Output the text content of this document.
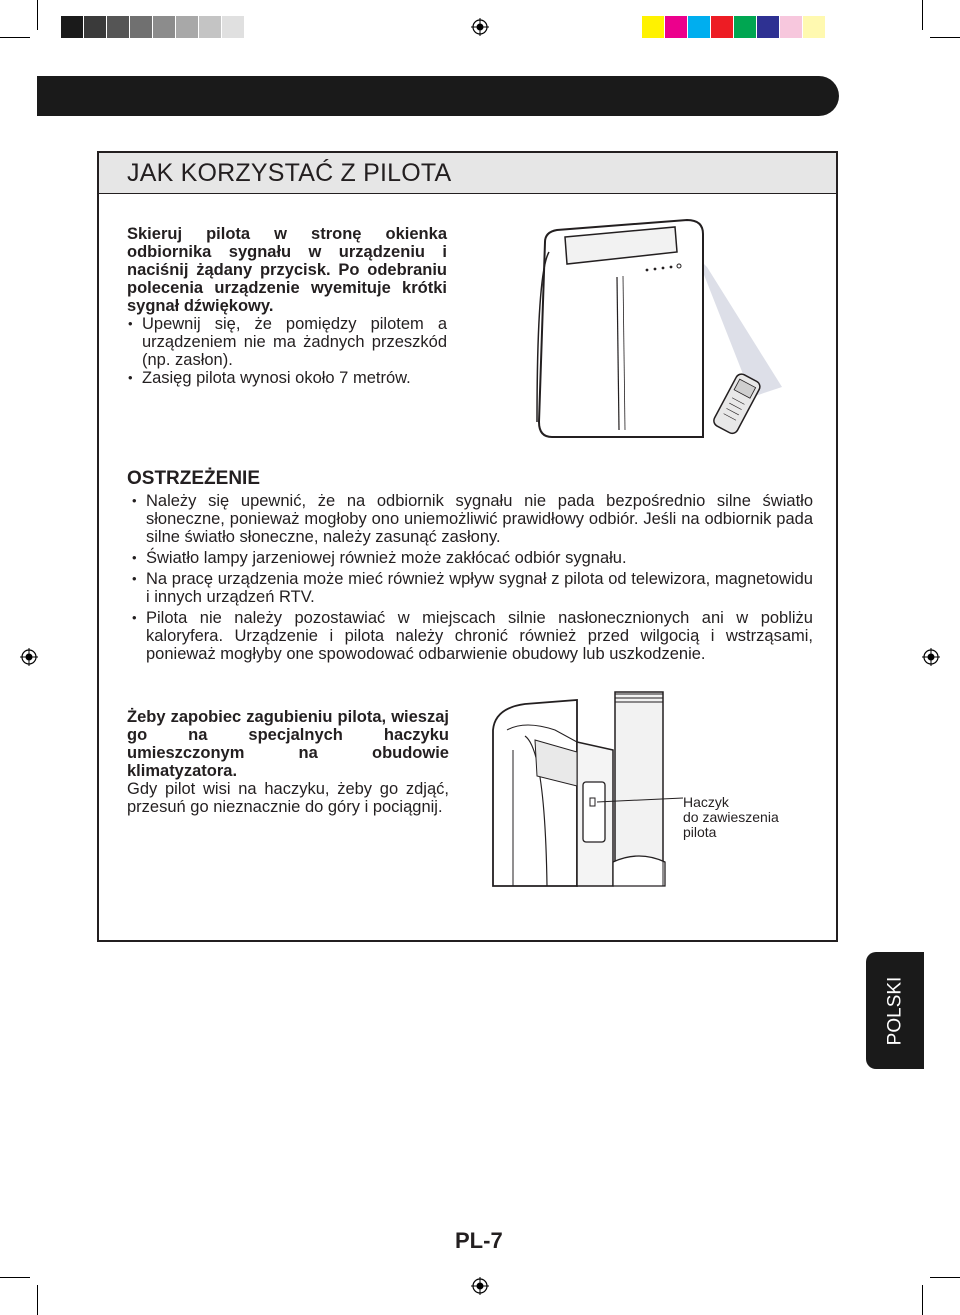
JAK KORZYSTAĆ Z PILOTA
Skieruj pilota w stronę okienka odbiornika sygnału w urządzeniu i naciśnij żądany przycisk. Po odebraniu polecenia urządzenie wyemituje krótki sygnał dźwiękowy.
• Upewnij się, że pomiędzy pilotem a urządzeniem nie ma żadnych przeszkód (np. zasłon).
• Zasięg pilota wynosi około 7 metrów.
OSTRZEŻENIE
• Należy się upewnić, że na odbiornik sygnału nie pada bezpośrednio silne światło słoneczne, ponieważ mogłoby ono uniemożliwić prawidłowy odbiór. Jeśli na odbiornik pada silne światło słoneczne, należy zasunąć zasłony.
• Światło lampy jarzeniowej również może zakłócać odbiór sygnału.
• Na pracę urządzenia może mieć również wpływ sygnał z pilota od telewizora, magnetowidu i innych urządzeń RTV.
• Pilota nie należy pozostawiać w miejscach silnie nasłonecznionych ani w pobliżu kaloryfera. Urządzenie i pilota należy chronić również przed wilgocią i wstrząsami, ponieważ mogłyby one spowodować odbarwienie obudowy lub uszkodzenie.
Żeby zapobiec zagubieniu pilota, wieszaj go na specjalnych haczyku umieszczonym na obudowie klimatyzatora.
Gdy pilot wisi na haczyku, żeby go zdjąć, przesuń go nieznacznie do góry i pociągnij.	Haczyk
do zawieszenia
pilota
POLSKI
PL-7
